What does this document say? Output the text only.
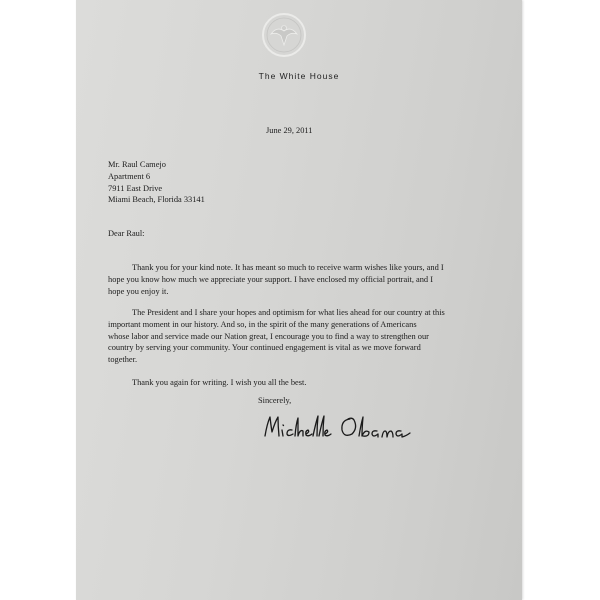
The White House
June 29, 2011
Mr. Raul Camejo
Apartment 6
7911 East Drive
Miami Beach, Florida 33141
Dear Raul:
Thank you for your kind note. It has meant so much to receive warm wishes like yours, and I
hope you know how much we appreciate your support. I have enclosed my official portrait, and I
hope you enjoy it.
The President and I share your hopes and optimism for what lies ahead for our country at this
important moment in our history. And so, in the spirit of the many generations of Americans
whose labor and service made our Nation great, I encourage you to find a way to strengthen our
country by serving your community. Your continued engagement is vital as we move forward
together.
Thank you again for writing. I wish you all the best.
Sincerely,
